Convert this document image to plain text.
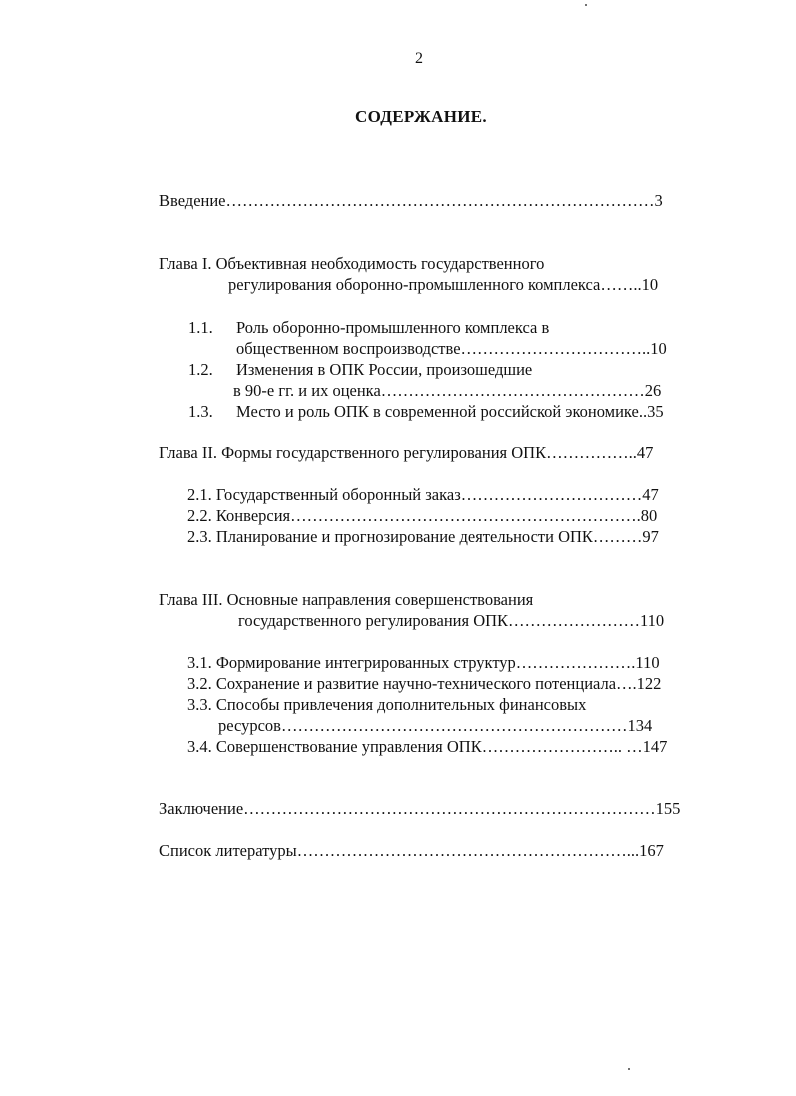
2
СОДЕРЖАНИЕ.
Введение……………………………………………………………………3
Глава I. Объективная необходимость государственного
регулирования оборонно-промышленного комплекса……..10
1.1. Роль оборонно-промышленного комплекса в
общественном воспроизводстве……………………………..10
1.2. Изменения в ОПК России, произошедшие
в 90-е гг. и их оценка…………………………………………26
1.3. Место и роль ОПК в современной российской экономике..35
Глава II. Формы государственного регулирования ОПК……………..47
2.1. Государственный оборонный заказ……………………………47
2.2. Конверсия……………………………………………………….80
2.3. Планирование и прогнозирование деятельности ОПК………97
Глава III. Основные направления совершенствования
государственного регулирования ОПК……………………110
3.1. Формирование интегрированных структур………………….110
3.2. Сохранение и развитие научно-технического потенциала….122
3.3. Способы привлечения дополнительных финансовых
ресурсов………………………………………………………134
3.4. Совершенствование управления ОПК…………………….. …147
Заключение…………………………………………………………………155
Список литературы……………………………………………………...167
